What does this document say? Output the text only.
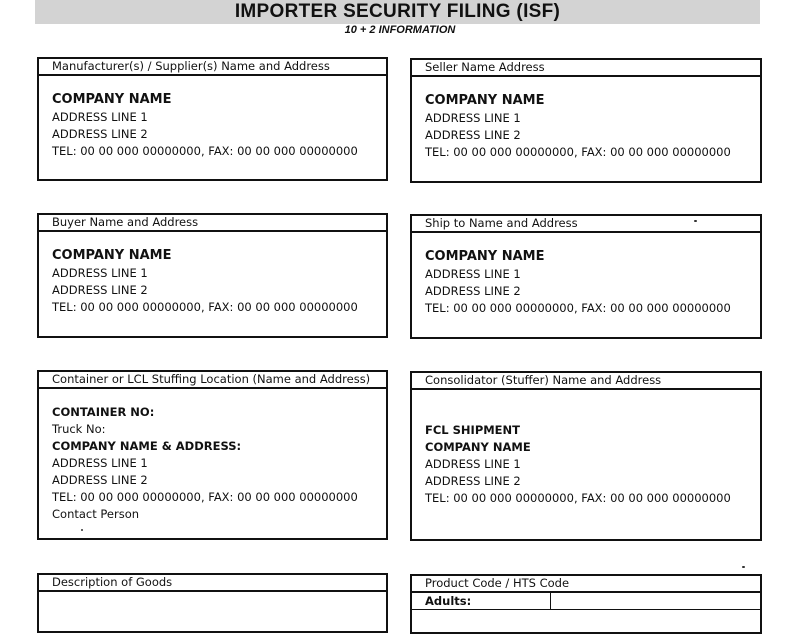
IMPORTER SECURITY FILING (ISF)
10 + 2 INFORMATION
Manufacturer(s) / Supplier(s) Name and Address
COMPANY NAME
ADDRESS LINE 1
ADDRESS LINE 2
TEL: 00 00 000 00000000, FAX: 00 00 000 00000000
Seller Name Address
COMPANY NAME
ADDRESS LINE 1
ADDRESS LINE 2
TEL: 00 00 000 00000000, FAX: 00 00 000 00000000
Buyer Name and Address
COMPANY NAME
ADDRESS LINE 1
ADDRESS LINE 2
TEL: 00 00 000 00000000, FAX: 00 00 000 00000000
Ship to Name and Address
COMPANY NAME
ADDRESS LINE 1
ADDRESS LINE 2
TEL: 00 00 000 00000000, FAX: 00 00 000 00000000
Container or LCL Stuffing Location (Name and Address)
CONTAINER NO:
Truck No:
COMPANY NAME & ADDRESS:
ADDRESS LINE 1
ADDRESS LINE 2
TEL: 00 00 000 00000000, FAX: 00 00 000 00000000
Contact Person
Consolidator (Stuffer) Name and Address
FCL SHIPMENT
COMPANY NAME
ADDRESS LINE 1
ADDRESS LINE 2
TEL: 00 00 000 00000000, FAX: 00 00 000 00000000
Description of Goods	Product Code / HTS Code
Adults:
